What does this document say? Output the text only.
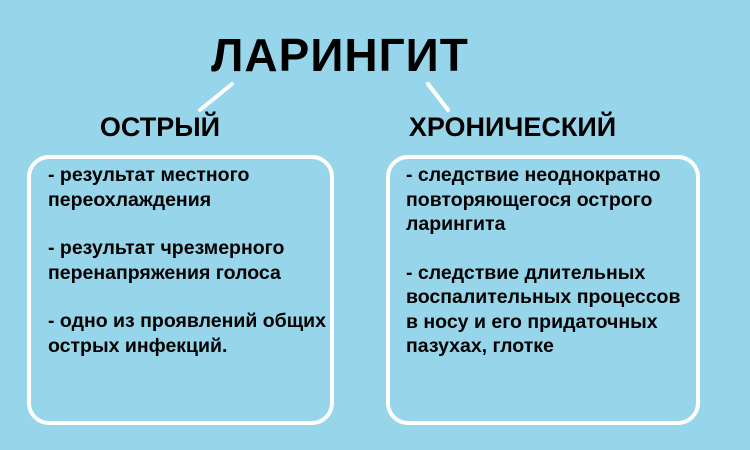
ЛАРИНГИТ
ОСТРЫЙ	ХРОНИЧЕСКИЙ
- результат местного переохлаждения
- результат чрезмерного перенапряжения голоса
- одно из проявлений общих острых инфекций.
- следствие неоднократно повторяющегося острого ларингита
- следствие длительных воспалительных процессов в носу и его придаточных пазухах, глотке
